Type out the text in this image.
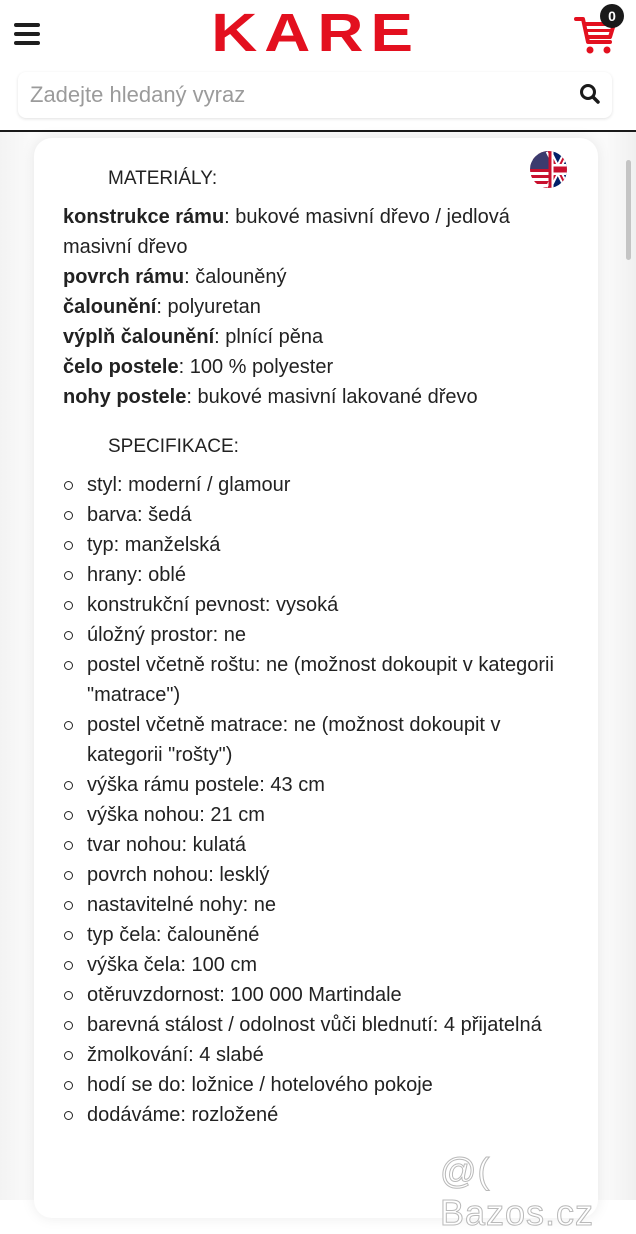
KARE	0
Zadejte hledaný vyraz
MATERIÁLY:
konstrukce rámu: bukové masivní dřevo / jedlová masivní dřevo
povrch rámu: čalouněný
čalounění: polyuretan
výplň čalounění: plnící pěna
čelo postele: 100 % polyester
nohy postele: bukové masivní lakované dřevo
SPECIFIKACE:
styl: moderní / glamour
barva: šedá
typ: manželská
hrany: oblé
konstrukční pevnost: vysoká
úložný prostor: ne
postel včetně roštu: ne (možnost dokoupit v kategorii "matrace")
postel včetně matrace: ne (možnost dokoupit v kategorii "rošty")
výška rámu postele: 43 cm
výška nohou: 21 cm
tvar nohou: kulatá
povrch nohou: lesklý
nastavitelné nohy: ne
typ čela: čalouněné
výška čela: 100 cm
otěruvzdornost: 100 000 Martindale
barevná stálost / odolnost vůči blednutí: 4 přijatelná
žmolkování: 4 slabé
hodí se do: ložnice / hotelového pokoje
dodáváme: rozložené
@( Bazos.cz
